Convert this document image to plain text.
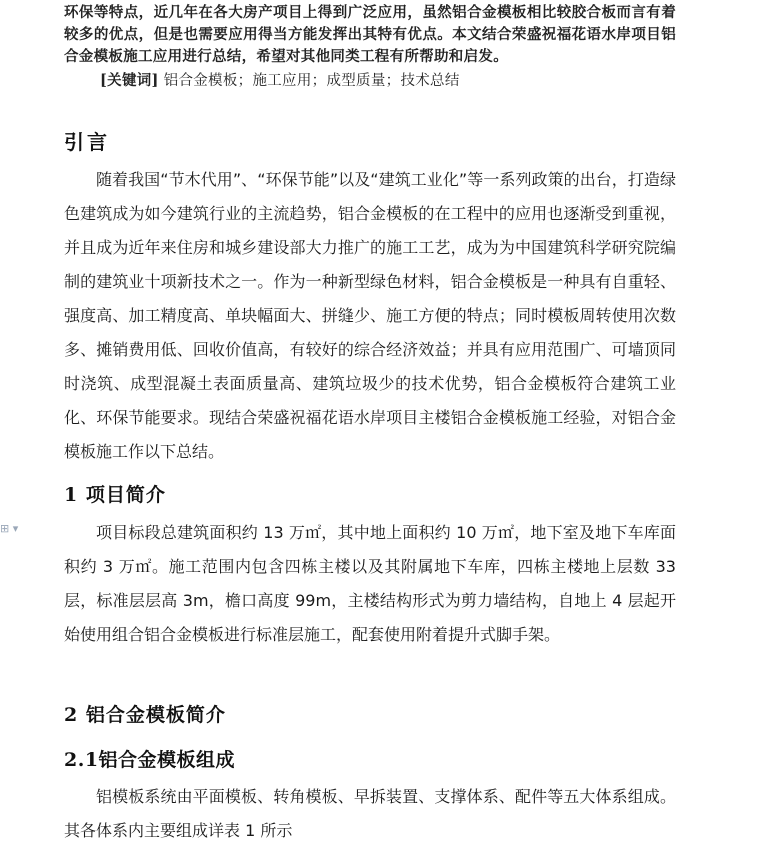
⊞ ▾

环保等特点，近几年在各大房产项目上得到广泛应用，虽然铝合金模板相比较胶合板而言有着较多的优点，但是也需要应用得当方能发挥出其特有优点。本文结合荣盛祝福花语水岸项目铝合金模板施工应用进行总结，希望对其他同类工程有所帮助和启发。

[关键词] 铝合金模板；施工应用；成型质量；技术总结

引言

随着我国“节木代用”、“环保节能”以及“建筑工业化”等一系列政策的出台，打造绿色建筑成为如今建筑行业的主流趋势，铝合金模板的在工程中的应用也逐渐受到重视，并且成为近年来住房和城乡建设部大力推广的施工工艺，成为为中国建筑科学研究院编制的建筑业十项新技术之一。作为一种新型绿色材料，铝合金模板是一种具有自重轻、强度高、加工精度高、单块幅面大、拼缝少、施工方便的特点；同时模板周转使用次数多、摊销费用低、回收价值高，有较好的综合经济效益；并具有应用范围广、可墙顶同时浇筑、成型混凝土表面质量高、建筑垃圾少的技术优势，铝合金模板符合建筑工业化、环保节能要求。现结合荣盛祝福花语水岸项目主楼铝合金模板施工经验，对铝合金模板施工作以下总结。

1 项目简介

项目标段总建筑面积约 13 万㎡，其中地上面积约 10 万㎡，地下室及地下车库面积约 3 万㎡。施工范围内包含四栋主楼以及其附属地下车库，四栋主楼地上层数 33 层，标准层层高 3m，檐口高度 99m，主楼结构形式为剪力墙结构，自地上 4 层起开始使用组合铝合金模板进行标准层施工，配套使用附着提升式脚手架。

2 铝合金模板简介
2.1铝合金模板组成

铝模板系统由平面模板、转角模板、早拆装置、支撑体系、配件等五大体系组成。其各体系内主要组成详表 1 所示
